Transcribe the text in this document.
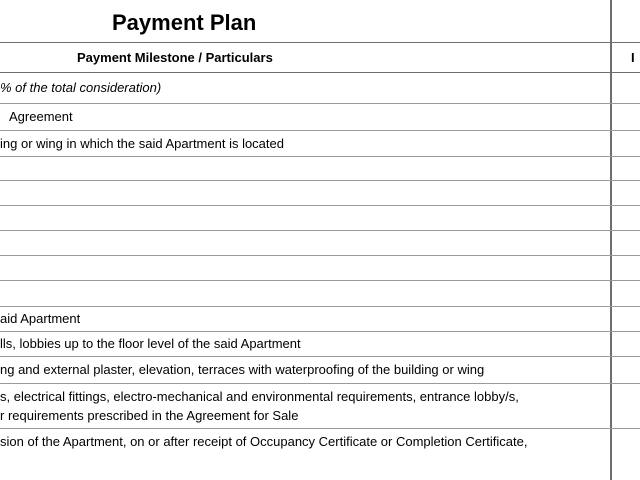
Payment Plan
Payment Milestone / Particulars	I
% of the total consideration)
Agreement
ing or wing in which the said Apartment is located
aid Apartment
lls, lobbies up to the floor level of the said Apartment
ng and external plaster, elevation, terraces with waterproofing of the building or wing
s, electrical fittings, electro-mechanical and environmental requirements, entrance lobby/s,
r requirements prescribed in the Agreement for Sale
sion of the Apartment, on or after receipt of Occupancy Certificate or Completion Certificate,
